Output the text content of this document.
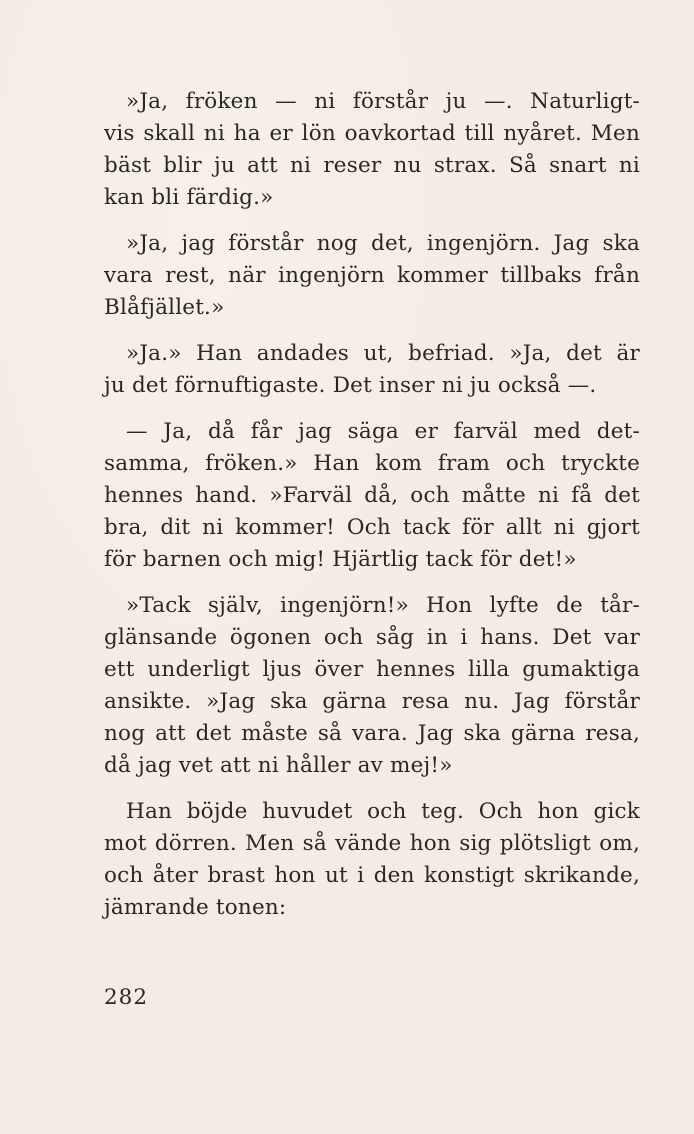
»Ja, fröken — ni förstår ju —. Naturligt-
vis skall ni ha er lön oavkortad till nyåret. Men
bäst blir ju att ni reser nu strax. Så snart ni
kan bli färdig.»
»Ja, jag förstår nog det, ingenjörn. Jag ska
vara rest, när ingenjörn kommer tillbaks från
Blåfjället.»
»Ja.» Han andades ut, befriad. »Ja, det är
ju det förnuftigaste. Det inser ni ju också —.
— Ja, då får jag säga er farväl med det-
samma, fröken.» Han kom fram och tryckte
hennes hand. »Farväl då, och måtte ni få det
bra, dit ni kommer! Och tack för allt ni gjort
för barnen och mig! Hjärtlig tack för det!»
»Tack själv, ingenjörn!» Hon lyfte de tår-
glänsande ögonen och såg in i hans. Det var
ett underligt ljus över hennes lilla gumaktiga
ansikte. »Jag ska gärna resa nu. Jag förstår
nog att det måste så vara. Jag ska gärna resa,
då jag vet att ni håller av mej!»
Han böjde huvudet och teg. Och hon gick
mot dörren. Men så vände hon sig plötsligt om,
och åter brast hon ut i den konstigt skrikande,
jämrande tonen:
282
